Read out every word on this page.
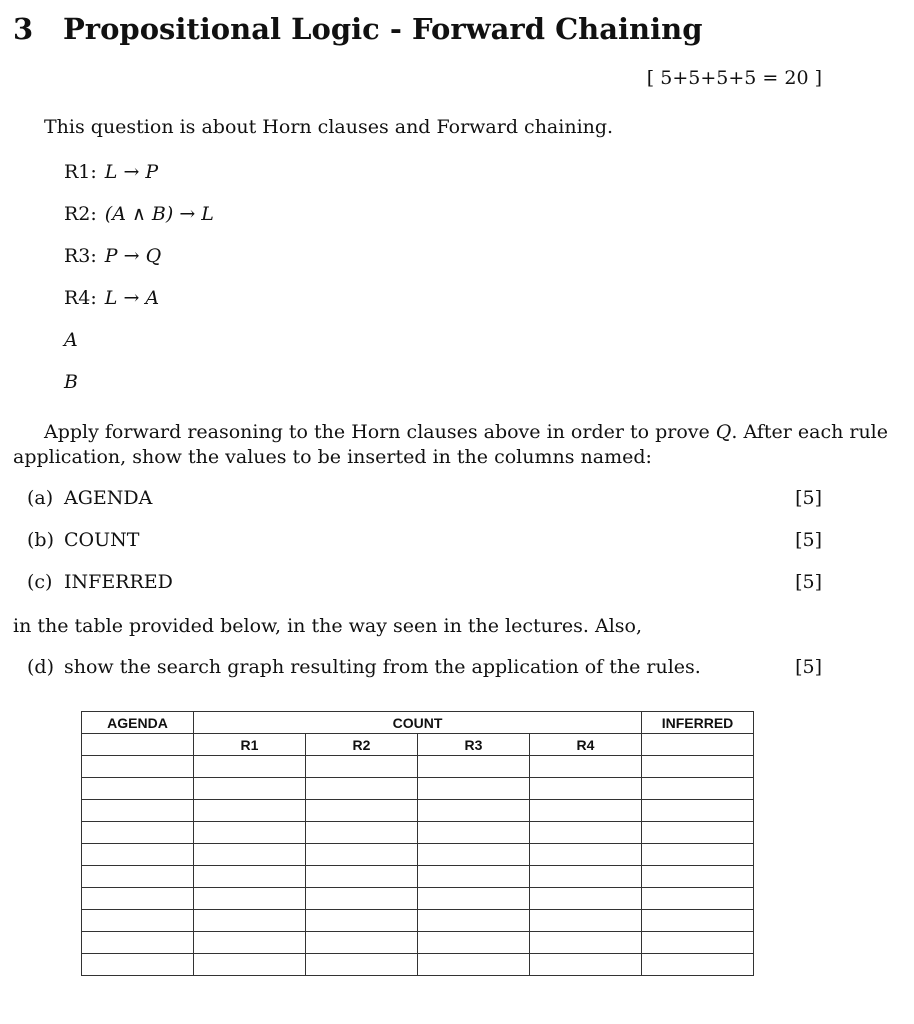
3 Propositional Logic - Forward Chaining
[ 5+5+5+5 = 20 ]
This question is about Horn clauses and Forward chaining.
R1: L → P
R2: (A ∧ B) → L
R3: P → Q
R4: L → A
A
B
Apply forward reasoning to the Horn clauses above in order to prove Q. After each rule
application, show the values to be inserted in the columns named:
(a) AGENDA	[5]
(b) COUNT	[5]
(c) INFERRED	[5]
in the table provided below, in the way seen in the lectures. Also,
(d) show the search graph resulting from the application of the rules.	[5]
AGENDA	COUNT				INFERRED
	R1	R2	R3	R4	
